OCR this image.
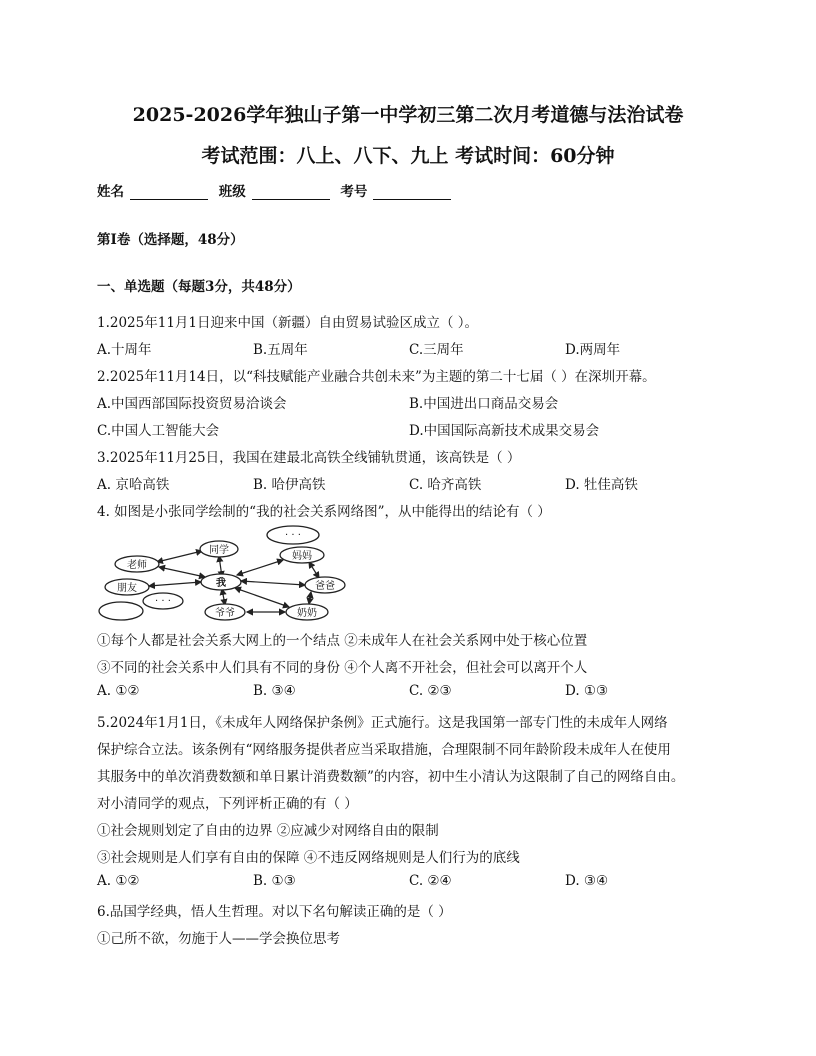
2025-2026学年独山子第一中学初三第二次月考道德与法治试卷
考试范围：八上、八下、九上 考试时间：60分钟
姓名	班级	考号
第Ⅰ卷（选择题，48分）
一、单选题（每题3分，共48分）
1.2025年11月1日迎来中国（新疆）自由贸易试验区成立（ ）。
A.十周年	B.五周年	C.三周年	D.两周年
2.2025年11月14日，以“科技赋能产业融合共创未来”为主题的第二十七届（ ）在深圳开幕。
A.中国西部国际投资贸易洽谈会	B.中国进出口商品交易会
C.中国人工智能大会	D.中国国际高新技术成果交易会
3.2025年11月25日，我国在建最北高铁全线铺轨贯通，该高铁是（ ）
A. 京哈高铁	B. 哈伊高铁	C. 哈齐高铁	D. 牡佳高铁
4. 如图是小张同学绘制的“我的社会关系网络图”，从中能得出的结论有（ ）
· · ·
同学
老师
妈妈
朋友	我	爸爸
· · ·
爷爷	奶奶
①每个人都是社会关系大网上的一个结点 ②未成年人在社会关系网中处于核心位置
③不同的社会关系中人们具有不同的身份 ④个人离不开社会，但社会可以离开个人
A. ①②	B. ③④	C. ②③	D. ①③
5.2024年1月1日，《未成年人网络保护条例》正式施行。这是我国第一部专门性的未成年人网络
保护综合立法。该条例有“网络服务提供者应当采取措施，合理限制不同年龄阶段未成年人在使用
其服务中的单次消费数额和单日累计消费数额”的内容，初中生小清认为这限制了自己的网络自由。
对小清同学的观点，下列评析正确的有（ ）
①社会规则划定了自由的边界 ②应减少对网络自由的限制
③社会规则是人们享有自由的保障 ④不违反网络规则是人们行为的底线
A. ①②	B. ①③	C. ②④	D. ③④
6.品国学经典，悟人生哲理。对以下名句解读正确的是（ ）
①己所不欲，勿施于人——学会换位思考
